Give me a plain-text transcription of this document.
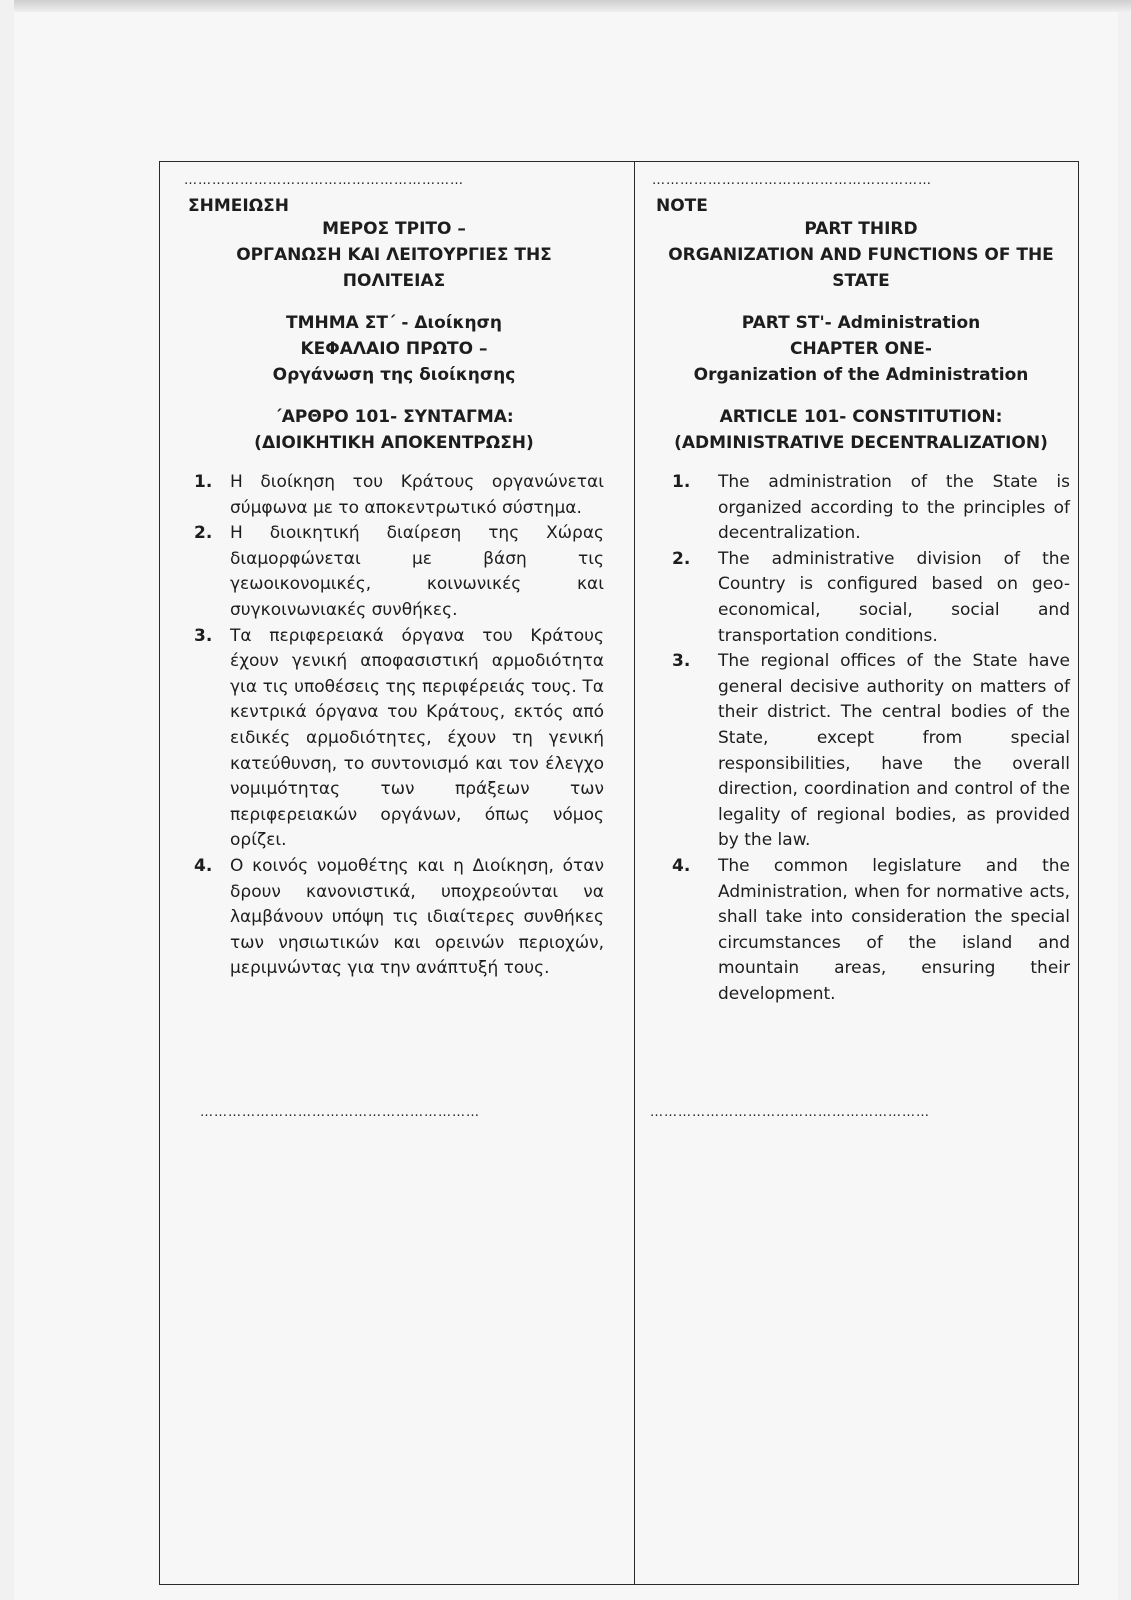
……………………………………………………
ΣΗΜΕΙΩΣΗ
ΜΕΡΟΣ ΤΡΙΤΟ –
ΟΡΓΑΝΩΣΗ ΚΑΙ ΛΕΙΤΟΥΡΓΙΕΣ ΤΗΣ
ΠΟΛΙΤΕΙΑΣ
ΤΜΗΜΑ ΣΤ΄ - Διοίκηση
ΚΕΦΑΛΑΙΟ ΠΡΩΤΟ –
Οργάνωση της διοίκησης
΄ΑΡΘΡΟ 101- ΣΥΝΤΑΓΜΑ:
(ΔΙΟΙΚΗΤΙΚΗ ΑΠΟΚΕΝΤΡΩΣΗ)
1.	Η διοίκηση του Κράτους οργανώνεται σύμφωνα με το αποκεντρωτικό σύστημα.
2.	Η διοικητική διαίρεση της Χώρας διαμορφώνεται με βάση τις γεωοικονομικές, κοινωνικές και συγκοινωνιακές συνθήκες.
3.	Τα περιφερειακά όργανα του Κράτους έχουν γενική αποφασιστική αρμοδιότητα για τις υποθέσεις της περιφέρειάς τους. Τα κεντρικά όργανα του Κράτους, εκτός από ειδικές αρμοδιότητες, έχουν τη γενική κατεύθυνση, το συντονισμό και τον έλεγχο νομιμότητας των πράξεων των περιφερειακών οργάνων, όπως νόμος ορίζει.
4.	Ο κοινός νομοθέτης και η Διοίκηση, όταν δρουν κανονιστικά, υποχρεούνται να λαμβάνουν υπόψη τις ιδιαίτερες συνθήκες των νησιωτικών και ορεινών περιοχών, μεριμνώντας για την ανάπτυξή τους.
……………………………………………………
NOTE
PART THIRD
ORGANIZATION AND FUNCTIONS OF THE
STATE
PART ST'- Administration
CHAPTER ONE-
Organization of the Administration
ARTICLE 101- CONSTITUTION:
(ADMINISTRATIVE DECENTRALIZATION)
1.	The administration of the State is organized according to the principles of decentralization.
2.	The administrative division of the Country is configured based on geo-economical, social, social and transportation conditions.
3.	The regional offices of the State have general decisive authority on matters of their district. The central bodies of the State, except from special responsibilities, have the overall direction, coordination and control of the legality of regional bodies, as provided by the law.
4.	The common legislature and the Administration, when for normative acts, shall take into consideration the special circumstances of the island and mountain areas, ensuring their development.
……………………………………………………	……………………………………………………
